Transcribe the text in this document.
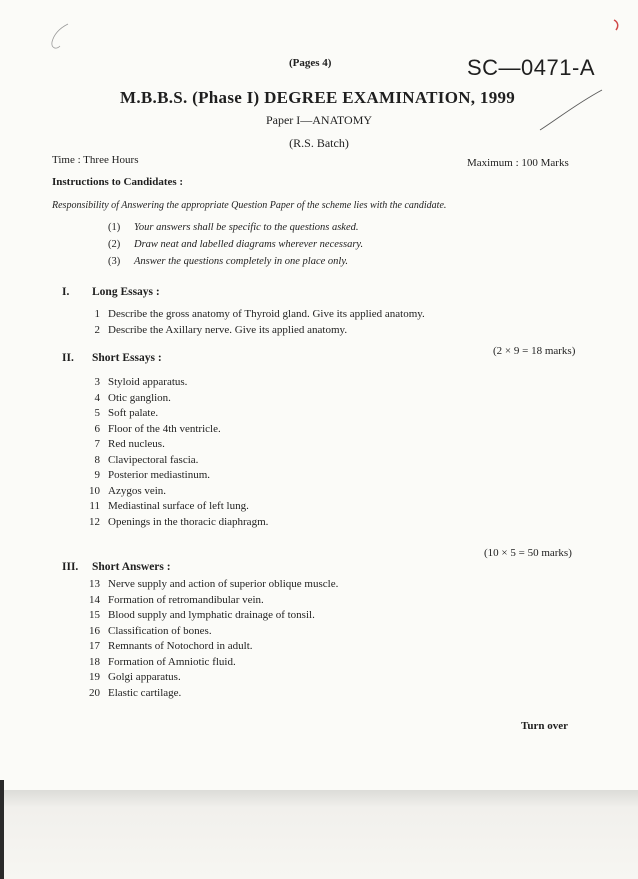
(Pages 4)	SC—0471-A
M.B.B.S. (Phase I) DEGREE EXAMINATION, 1999
Paper I—ANATOMY
(R.S. Batch)
Time : Three Hours	Maximum : 100 Marks
Instructions to Candidates :
Responsibility of Answering the appropriate Question Paper of the scheme lies with the candidate.
(1)	Your answers shall be specific to the questions asked.
(2)	Draw neat and labelled diagrams wherever necessary.
(3)	Answer the questions completely in one place only.
I. Long Essays :
1 Describe the gross anatomy of Thyroid gland. Give its applied anatomy.
2 Describe the Axillary nerve. Give its applied anatomy.
(2 × 9 = 18 marks)
II. Short Essays :
3 Styloid apparatus.
4 Otic ganglion.
5 Soft palate.
6 Floor of the 4th ventricle.
7 Red nucleus.
8 Clavipectoral fascia.
9 Posterior mediastinum.
10 Azygos vein.
11 Mediastinal surface of left lung.
12 Openings in the thoracic diaphragm.
(10 × 5 = 50 marks)
III. Short Answers :
13 Nerve supply and action of superior oblique muscle.
14 Formation of retromandibular vein.
15 Blood supply and lymphatic drainage of tonsil.
16 Classification of bones.
17 Remnants of Notochord in adult.
18 Formation of Amniotic fluid.
19 Golgi apparatus.
20 Elastic cartilage.
Turn over
